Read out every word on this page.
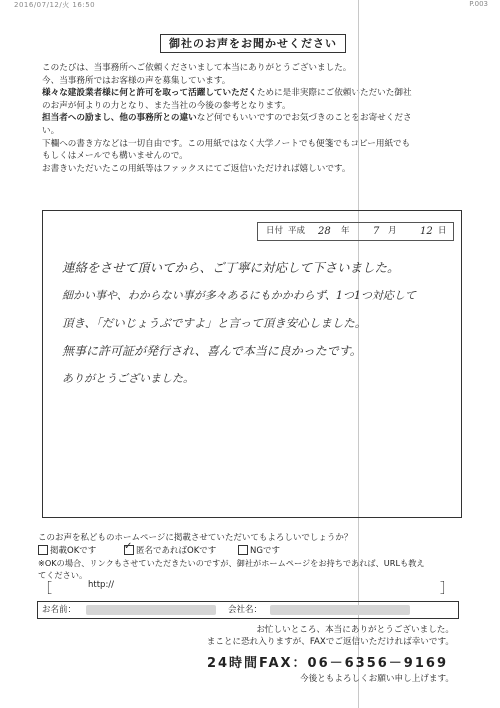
2016/07/12/火 16:50	P.003
御社のお声をお聞かせください

このたびは、当事務所へご依頼くださいまして本当にありがとうございました。

今、当事務所ではお客様の声を募集しています。

様々な建設業者様に何と許可を取って活躍していただくために是非実際にご依頼いただいた御社

のお声が何よりの力となり、また当社の今後の参考となります。

担当者への励まし、他の事務所との違いなど何でもいいですのでお気づきのことをお寄せくださ

い。

下欄への書き方などは一切自由です。この用紙ではなく大学ノートでも便箋でもコピー用紙でも

もしくはメールでも構いませんので。

お書きいただいたこの用紙等はファックスにてご返信いただければ嬉しいです。

日付 平成 28 年 7 月 12 日
連絡をさせて頂いてから、ご丁寧に対応して下さいました。
細かい事や、わからない事が多々あるにもかかわらず、1つ1つ対応して
頂き、「だいじょうぶですよ」と言って頂き安心しました。
無事に許可証が発行され、喜んで本当に良かったです。
ありがとうございました。
このお声を私どものホームページに掲載させていただいてもよろしいでしょうか？
掲載OKです	✓ 匿名であればOKです	NGです

※OKの場合、リンクもさせていただきたいのですが、御社がホームページをお持ちであれば、URLも教え

てください。

［	http://	］
お名前：	会社名：

お忙しいところ、本当にありがとうございました。

まことに恐れ入りますが、FAXでご返信いただければ幸いです。

24時間FAX：06－6356－9169
今後ともよろしくお願い申し上げます。
